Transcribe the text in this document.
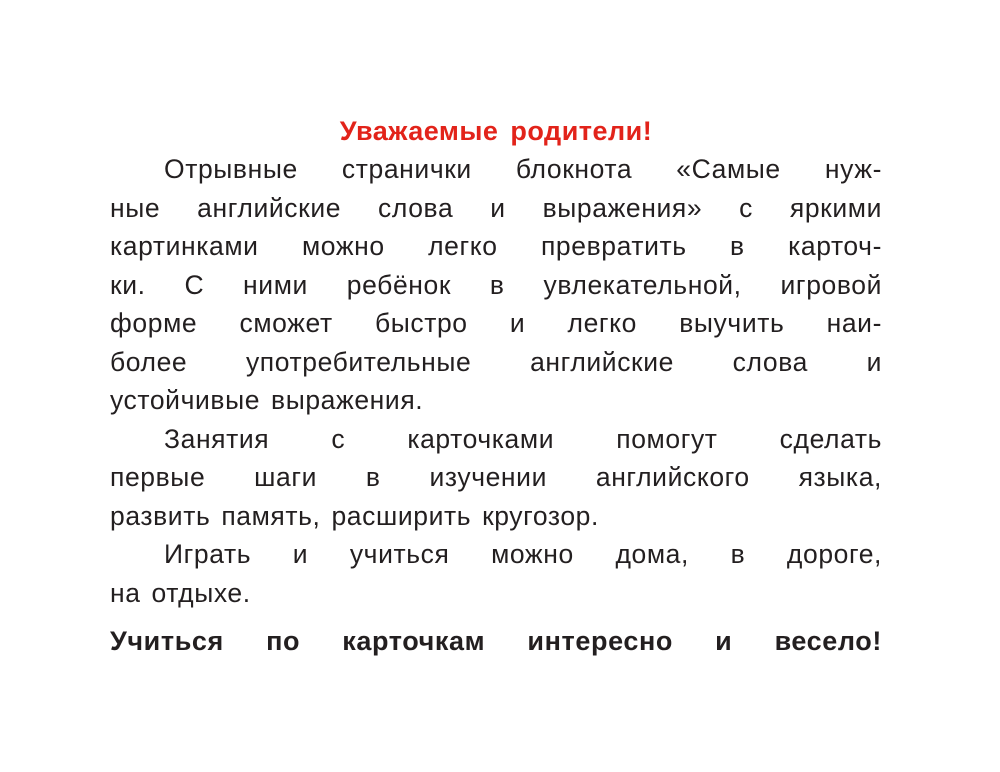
Уважаемые родители!

Отрывные странички блокнота «Самые нуж-
ные английские слова и выражения» с яркими
картинками можно легко превратить в карточ-
ки. С ними ребёнок в увлекательной, игровой
форме сможет быстро и легко выучить наи-
более употребительные английские слова и
устойчивые выражения.

Занятия с карточками помогут сделать
первые шаги в изучении английского языка,
развить память, расширить кругозор.

Играть и учиться можно дома, в дороге,
на отдыхе.

Учиться по карточкам интересно и весело!
